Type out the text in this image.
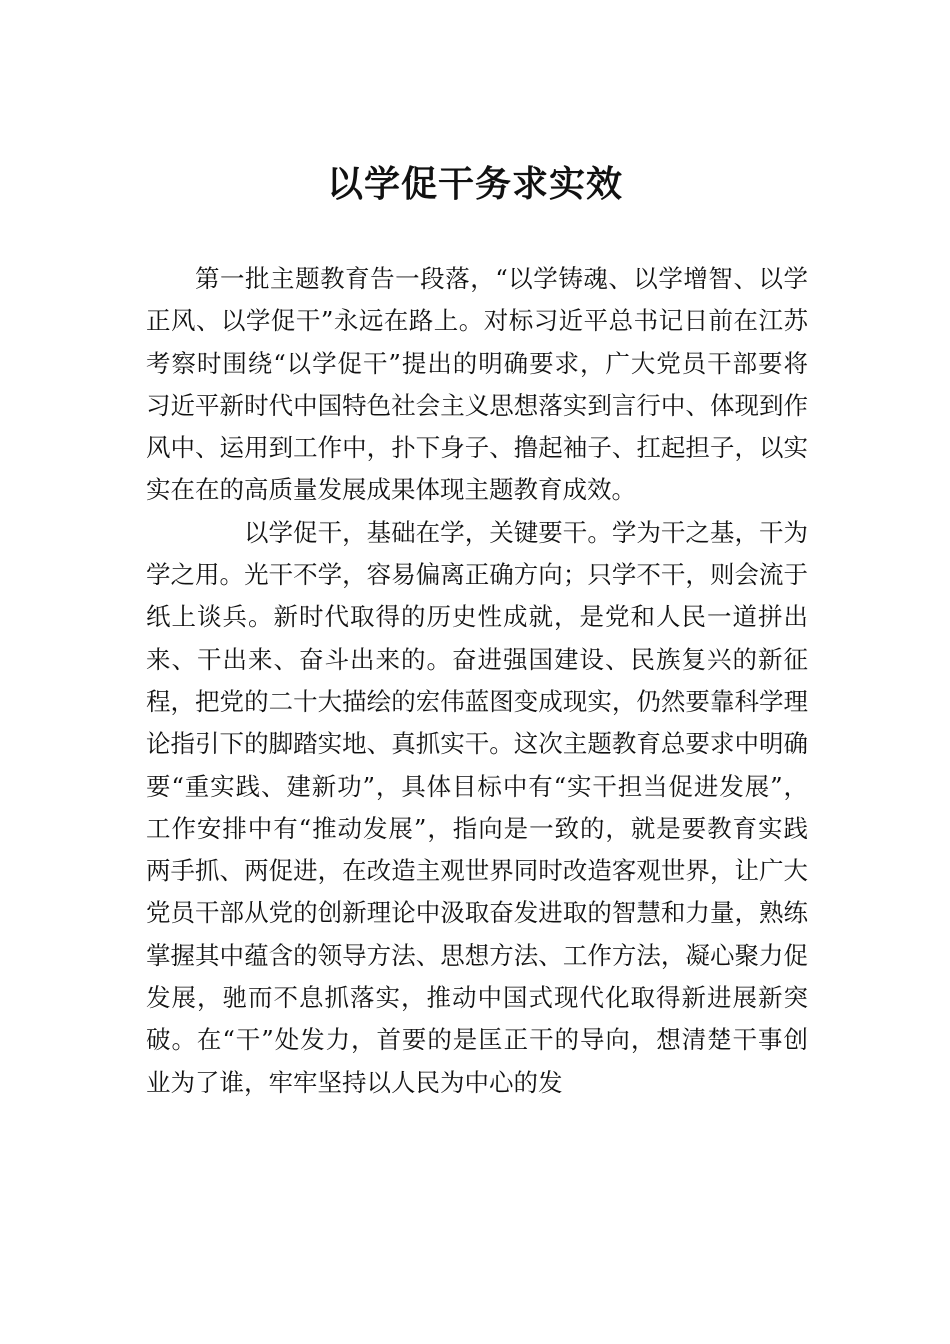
以学促干务求实效

第一批主题教育告一段落，“以学铸魂、以学增智、以学正风、以学促干”永远在路上。对标习近平总书记日前在江苏考察时围绕“以学促干”提出的明确要求，广大党员干部要将习近平新时代中国特色社会主义思想落实到言行中、体现到作风中、运用到工作中，扑下身子、撸起袖子、扛起担子，以实实在在的高质量发展成果体现主题教育成效。

以学促干，基础在学，关键要干。学为干之基，干为学之用。光干不学，容易偏离正确方向；只学不干，则会流于纸上谈兵。新时代取得的历史性成就，是党和人民一道拼出来、干出来、奋斗出来的。奋进强国建设、民族复兴的新征程，把党的二十大描绘的宏伟蓝图变成现实，仍然要靠科学理论指引下的脚踏实地、真抓实干。这次主题教育总要求中明确要“重实践、建新功”，具体目标中有“实干担当促进发展”，工作安排中有“推动发展”，指向是一致的，就是要教育实践两手抓、两促进，在改造主观世界同时改造客观世界，让广大党员干部从党的创新理论中汲取奋发进取的智慧和力量，熟练掌握其中蕴含的领导方法、思想方法、工作方法，凝心聚力促发展，驰而不息抓落实，推动中国式现代化取得新进展新突破。在“干”处发力，首要的是匡正干的导向，想清楚干事创业为了谁，牢牢坚持以人民为中心的发
